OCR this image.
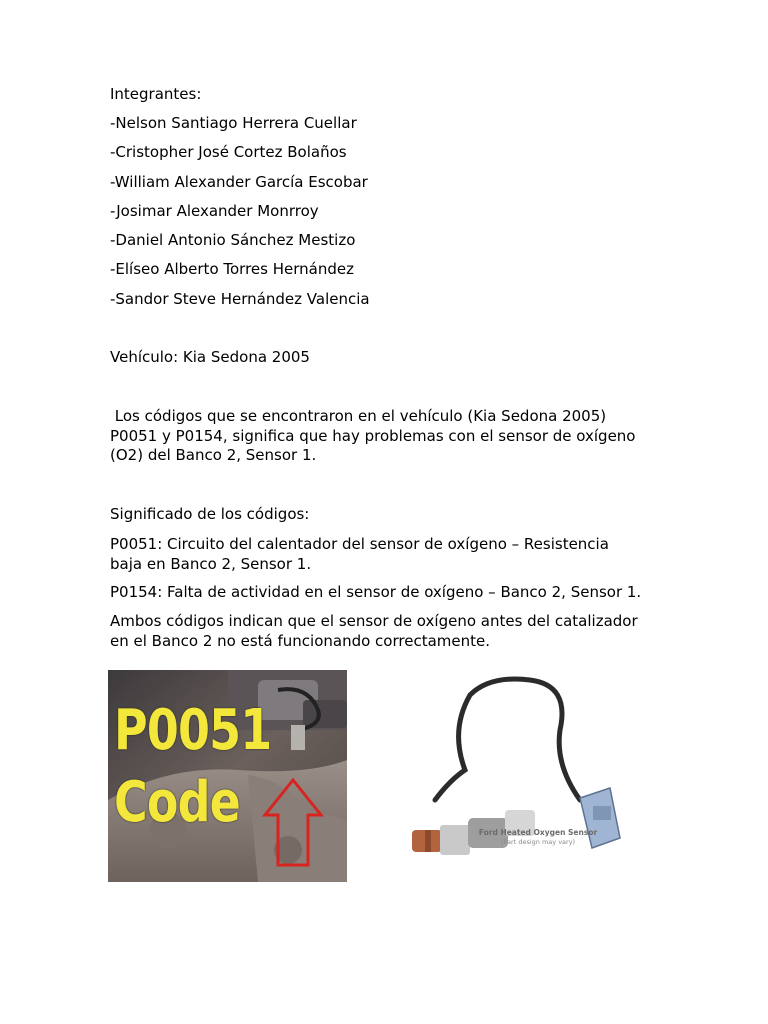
Integrantes:
-Nelson Santiago Herrera Cuellar
-Cristopher José Cortez Bolaños
-William Alexander García Escobar
-Josimar Alexander Monrroy
-Daniel Antonio Sánchez Mestizo
-Elíseo Alberto Torres Hernández
-Sandor Steve Hernández Valencia
Vehículo: Kia Sedona 2005
Los códigos que se encontraron en el vehículo (Kia Sedona 2005)
P0051 y P0154, significa que hay problemas con el sensor de oxígeno
(O2) del Banco 2, Sensor 1.
Significado de los códigos:
P0051: Circuito del calentador del sensor de oxígeno – Resistencia
baja en Banco 2, Sensor 1.
P0154: Falta de actividad en el sensor de oxígeno – Banco 2, Sensor 1.
Ambos códigos indican que el sensor de oxígeno antes del catalizador
en el Banco 2 no está funcionando correctamente.
P0051
Code	Ford Heated Oxygen Sensor
(Part design may vary)
